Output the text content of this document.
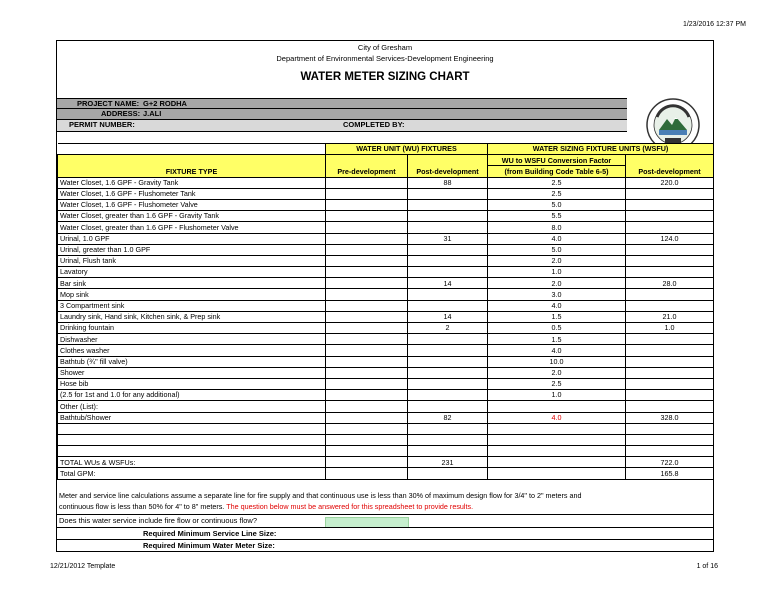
1/23/2016 12:37 PM
City of Gresham
Department of Environmental Services-Development Engineering
WATER METER SIZING CHART
PROJECT NAME: G+2 RODHA
ADDRESS: J.ALI
PERMIT NUMBER:	COMPLETED BY:
	WATER UNIT (WU) FIXTURES		WATER SIZING FIXTURE UNITS (WSFU)	
FIXTURE TYPE	Pre-development	Post-development	WU to WSFU Conversion Factor	Post-development
			(from Building Code Table 6-5)	
Water Closet, 1.6 GPF - Gravity Tank		88	2.5	220.0
Water Closet, 1.6 GPF - Flushometer Tank			2.5	
Water Closet, 1.6 GPF - Flushometer Valve			5.0	
Water Closet, greater than 1.6 GPF - Gravity Tank			5.5	
Water Closet, greater than 1.6 GPF - Flushometer Valve			8.0	
Urinal, 1.0 GPF		31	4.0	124.0
Urinal, greater than 1.0 GPF			5.0	
Urinal, Flush tank			2.0	
Lavatory			1.0	
Bar sink		14	2.0	28.0
Mop sink			3.0	
3 Compartment sink			4.0	
Laundry sink, Hand sink, Kitchen sink, & Prep sink		14	1.5	21.0
Drinking fountain		2	0.5	1.0
Dishwasher			1.5	
Clothes washer			4.0	
Bathtub (¾" fill valve)			10.0	
Shower			2.0	
Hose bib			2.5	
(2.5 for 1st and 1.0 for any additional)			1.0	
Other (List):				
Bathtub/Shower		82	4.0	328.0

TOTAL WUs & WSFUs:		231		722.0
Total GPM:				165.8
Meter and service line calculations assume a separate line for fire supply and that continuous use is less than 30% of maximum design flow for 3/4" to 2" meters and
continuous flow is less than 50% for 4" to 8" meters. The question below must be answered for this spreadsheet to provide results.
Does this water service include fire flow or continuous flow?
Required Minimum Service Line Size:
Required Minimum Water Meter Size:
12/21/2012 Template	1 of 16
